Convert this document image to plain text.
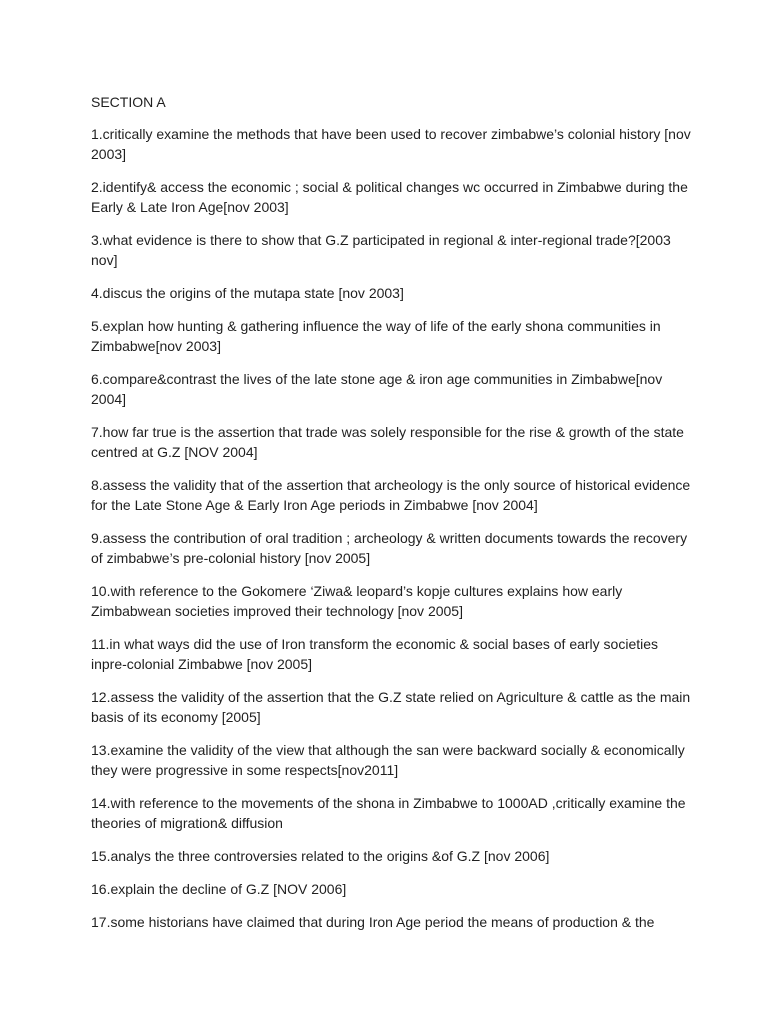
SECTION A

1.critically examine the methods that have been used to recover zimbabwe’s colonial history [nov 2003]

2.identify& access the economic ; social & political changes wc occurred in Zimbabwe during the Early & Late Iron Age[nov 2003]

3.what evidence is there to show that G.Z participated in regional & inter-regional trade?[2003 nov]

4.discus the origins of the mutapa state [nov 2003]

5.explan how hunting & gathering influence the way of life of the early shona communities in Zimbabwe[nov 2003]

6.compare&contrast the lives of the late stone age & iron age communities in Zimbabwe[nov 2004]

7.how far true is the assertion that trade was solely responsible for the rise & growth of the state centred at G.Z [NOV 2004]

8.assess the validity that of the assertion that archeology is the only source of historical evidence for the Late Stone Age & Early Iron Age periods in Zimbabwe [nov 2004]

9.assess the contribution of oral tradition ; archeology & written documents towards the recovery of zimbabwe’s pre-colonial history [nov 2005]

10.with reference to the Gokomere ‘Ziwa& leopard’s kopje cultures explains how early Zimbabwean societies improved their technology [nov 2005]

11.in what ways did the use of Iron transform the economic & social bases of early societies inpre-colonial Zimbabwe [nov 2005]

12.assess the validity of the assertion that the G.Z state relied on Agriculture & cattle as the main basis of its economy [2005]

13.examine the validity of the view that although the san were backward socially & economically they were progressive in some respects[nov2011]

14.with reference to the movements of the shona in Zimbabwe to 1000AD ,critically examine the theories of migration& diffusion

15.analys the three controversies related to the origins &of G.Z [nov 2006]

16.explain the decline of G.Z [NOV 2006]

17.some historians have claimed that during Iron Age period the means of production & the
